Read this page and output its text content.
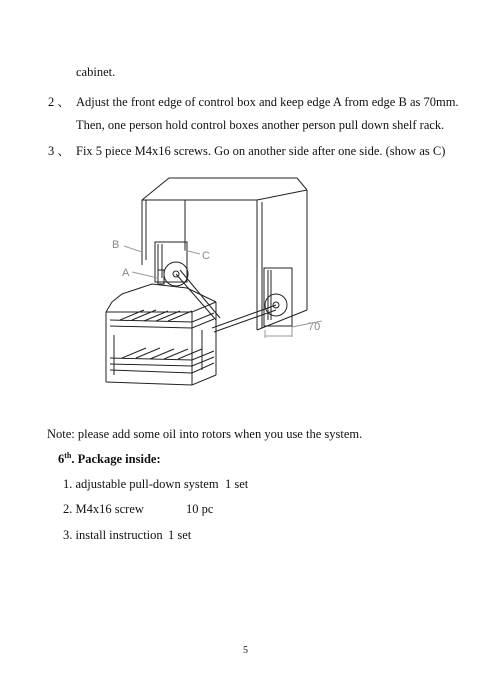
cabinet.
2 、 Adjust the front edge of control box and keep edge A from edge B as 70mm.
Then, one person hold control boxes another person pull down shelf rack.
3 、 Fix 5 piece M4x16 screws. Go on another side after one side. (show as C)
B
A
C
70
Note: please add some oil into rotors when you use the system.
6th. Package inside:
1. adjustable pull-down system 1 set
2. M4x16 screw	10 pc
3. install instruction 1 set
5
